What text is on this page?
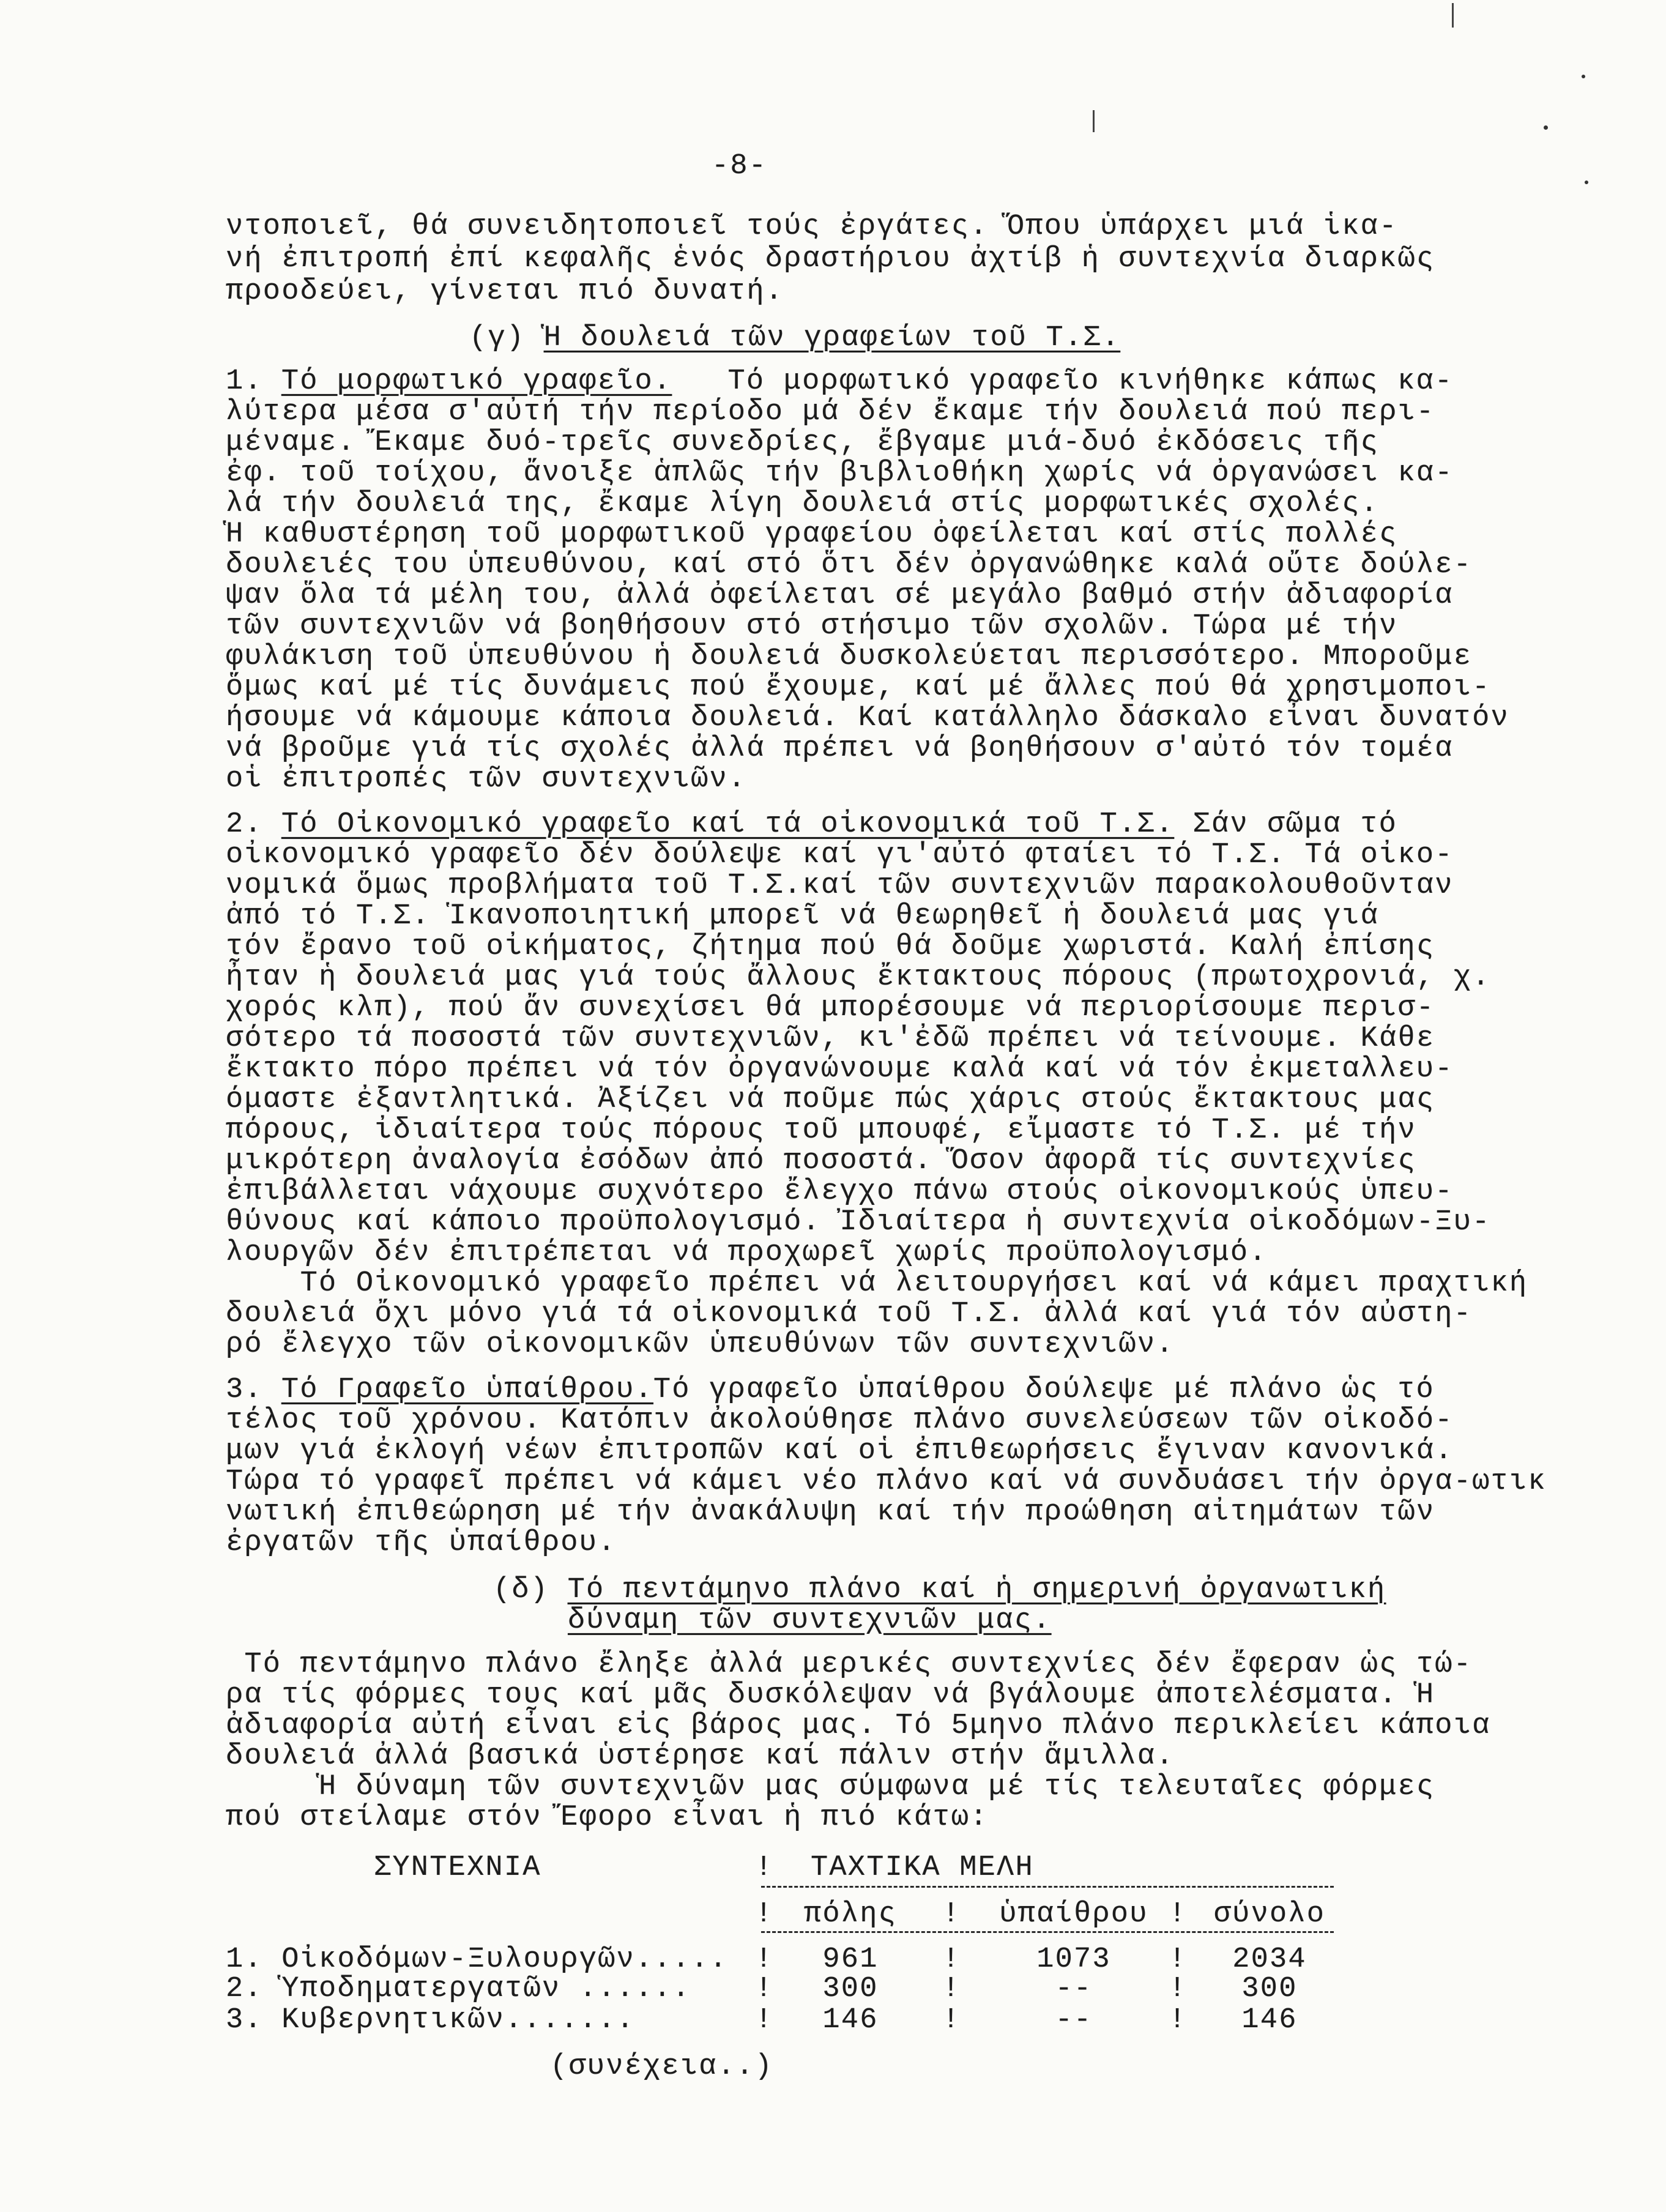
-8-
ντοποιεῖ, θά συνειδητοποιεῖ τούς ἐργάτες. Ὅπου ὑπάρχει μιά ἱκα-
νή ἐπιτροπή ἐπί κεφαλῆς ἑνός δραστήριου ἀχτίβ ἡ συντεχνία διαρκῶς
προοδεύει, γίνεται πιό δυνατή.
(γ) Ἡ δουλειά τῶν γραφείων τοῦ Τ.Σ.
1. Τό μορφωτικό γραφεῖο.   Τό μορφωτικό γραφεῖο κινήθηκε κάπως κα-
λύτερα μέσα σ'αὐτή τήν περίοδο μά δέν ἔκαμε τήν δουλειά πού περι-
μέναμε. Ἔκαμε δυό-τρεῖς συνεδρίες, ἔβγαμε μιά-δυό ἐκδόσεις τῆς
ἐφ. τοῦ τοίχου, ἄνοιξε ἁπλῶς τήν βιβλιοθήκη χωρίς νά ὀργανώσει κα-
λά τήν δουλειά της, ἔκαμε λίγη δουλειά στίς μορφωτικές σχολές.
Ἡ καθυστέρηση τοῦ μορφωτικοῦ γραφείου ὀφείλεται καί στίς πολλές
δουλειές του ὑπευθύνου, καί στό ὅτι δέν ὀργανώθηκε καλά οὔτε δούλε-
ψαν ὅλα τά μέλη του, ἀλλά ὀφείλεται σέ μεγάλο βαθμό στήν ἀδιαφορία
τῶν συντεχνιῶν νά βοηθήσουν στό στήσιμο τῶν σχολῶν. Τώρα μέ τήν
φυλάκιση τοῦ ὑπευθύνου ἡ δουλειά δυσκολεύεται περισσότερο. Μποροῦμε
ὅμως καί μέ τίς δυνάμεις πού ἔχουμε, καί μέ ἄλλες πού θά χρησιμοποι-
ήσουμε νά κάμουμε κάποια δουλειά. Καί κατάλληλο δάσκαλο εἶναι δυνατόν
νά βροῦμε γιά τίς σχολές ἀλλά πρέπει νά βοηθήσουν σ'αὐτό τόν τομέα
οἱ ἐπιτροπές τῶν συντεχνιῶν.
2. Τό Οἰκονομικό γραφεῖο καί τά οἰκονομικά τοῦ Τ.Σ. Σάν σῶμα τό
οἰκονομικό γραφεῖο δέν δούλεψε καί γι'αὐτό φταίει τό Τ.Σ. Τά οἰκο-
νομικά ὅμως προβλήματα τοῦ Τ.Σ.καί τῶν συντεχνιῶν παρακολουθοῦνταν
ἀπό τό Τ.Σ. Ἱκανοποιητική μπορεῖ νά θεωρηθεῖ ἡ δουλειά μας γιά
τόν ἔρανο τοῦ οἰκήματος, ζήτημα πού θά δοῦμε χωριστά. Καλή ἐπίσης
ἦταν ἡ δουλειά μας γιά τούς ἄλλους ἔκτακτους πόρους (πρωτοχρονιά, χ.
χορός κλπ), πού ἄν συνεχίσει θά μπορέσουμε νά περιορίσουμε περισ-
σότερο τά ποσοστά τῶν συντεχνιῶν, κι'ἐδῶ πρέπει νά τείνουμε. Κάθε
ἔκτακτο πόρο πρέπει νά τόν ὀργανώνουμε καλά καί νά τόν ἐκμεταλλευ-
όμαστε ἐξαντλητικά. Ἀξίζει νά ποῦμε πώς χάρις στούς ἔκτακτους μας
πόρους, ἰδιαίτερα τούς πόρους τοῦ μπουφέ, εἴμαστε τό Τ.Σ. μέ τήν
μικρότερη ἀναλογία ἐσόδων ἀπό ποσοστά. Ὅσον ἀφορᾶ τίς συντεχνίες
ἐπιβάλλεται νάχουμε συχνότερο ἔλεγχο πάνω στούς οἰκονομικούς ὑπευ-
θύνους καί κάποιο προϋπολογισμό. Ἰδιαίτερα ἡ συντεχνία οἰκοδόμων-Ξυ-
λουργῶν δέν ἐπιτρέπεται νά προχωρεῖ χωρίς προϋπολογισμό.
Τό Οἰκονομικό γραφεῖο πρέπει νά λειτουργήσει καί νά κάμει πραχτική
δουλειά ὄχι μόνο γιά τά οἰκονομικά τοῦ Τ.Σ. ἀλλά καί γιά τόν αὐστη-
ρό ἔλεγχο τῶν οἰκονομικῶν ὑπευθύνων τῶν συντεχνιῶν.
3. Τό Γραφεῖο ὑπαίθρου.Τό γραφεῖο ὑπαίθρου δούλεψε μέ πλάνο ὡς τό
τέλος τοῦ χρόνου. Κατόπιν ἀκολούθησε πλάνο συνελεύσεων τῶν οἰκοδό-
μων γιά ἐκλογή νέων ἐπιτροπῶν καί οἱ ἐπιθεωρήσεις ἔγιναν κανονικά.
Τώρα τό γραφεῖ πρέπει νά κάμει νέο πλάνο καί νά συνδυάσει τήν ὀργα-ωτικ
νωτική ἐπιθεώρηση μέ τήν ἀνακάλυψη καί τήν προώθηση αἰτημάτων τῶν
ἐργατῶν τῆς ὑπαίθρου.
(δ) Τό πεντάμηνο πλάνο καί ἡ σημερινή ὀργανωτική
δύναμη τῶν συντεχνιῶν μας.
Τό πεντάμηνο πλάνο ἔληξε ἀλλά μερικές συντεχνίες δέν ἔφεραν ὡς τώ-
ρα τίς φόρμες τους καί μᾶς δυσκόλεψαν νά βγάλουμε ἀποτελέσματα. Ἡ
ἀδιαφορία αὐτή εἶναι εἰς βάρος μας. Τό 5μηνο πλάνο περικλείει κάποια
δουλειά ἀλλά βασικά ὑστέρησε καί πάλιν στήν ἅμιλλα.
Ἡ δύναμη τῶν συντεχνιῶν μας σύμφωνα μέ τίς τελευταῖες φόρμες
πού στείλαμε στόν Ἔφορο εἶναι ἡ πιό κάτω:
ΣΥΝΤΕΧΝΙΑ	! ΤΑΧΤΙΚΑ ΜΕΛΗ
!	πόλης	!	ὑπαίθρου ! σύνολο
1. Οἰκοδόμων-Ξυλουργῶν..... !	961	!	1073	!	2034
2. Ὑποδηματεργατῶν ...... !	300	!	--	!	300
3. Κυβερνητικῶν.......	!	146	!	--	!	146
(συνέχεια..)
